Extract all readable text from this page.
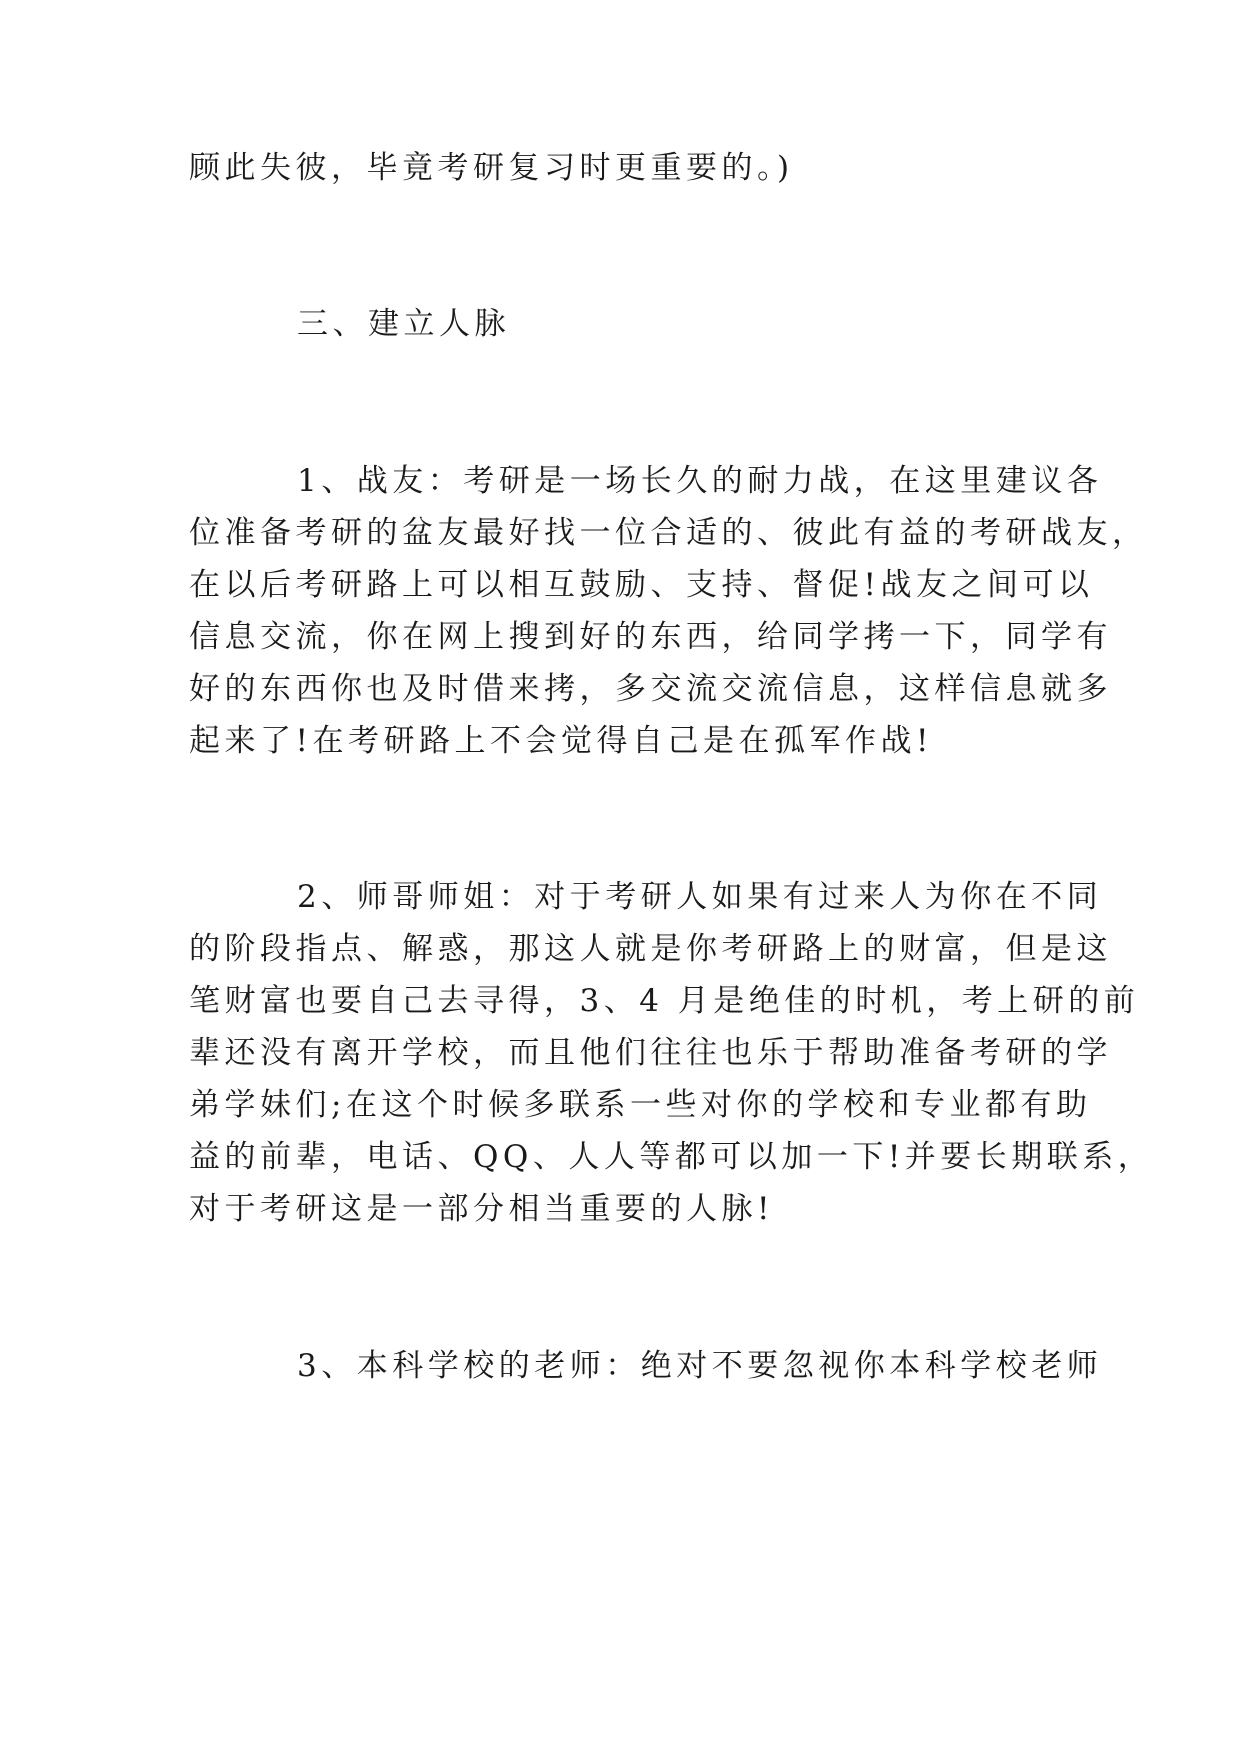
顾此失彼，毕竟考研复习时更重要的。)
三、建立人脉
1、战友：考研是一场长久的耐力战，在这里建议各
位准备考研的盆友最好找一位合适的、彼此有益的考研战友，
在以后考研路上可以相互鼓励、支持、督促!战友之间可以
信息交流，你在网上搜到好的东西，给同学拷一下，同学有
好的东西你也及时借来拷，多交流交流信息，这样信息就多
起来了!在考研路上不会觉得自己是在孤军作战!
2、师哥师姐：对于考研人如果有过来人为你在不同
的阶段指点、解惑，那这人就是你考研路上的财富，但是这
笔财富也要自己去寻得，3、4 月是绝佳的时机，考上研的前
辈还没有离开学校，而且他们往往也乐于帮助准备考研的学
弟学妹们;在这个时候多联系一些对你的学校和专业都有助
益的前辈，电话、QQ、人人等都可以加一下!并要长期联系，
对于考研这是一部分相当重要的人脉!
3、本科学校的老师：绝对不要忽视你本科学校老师
